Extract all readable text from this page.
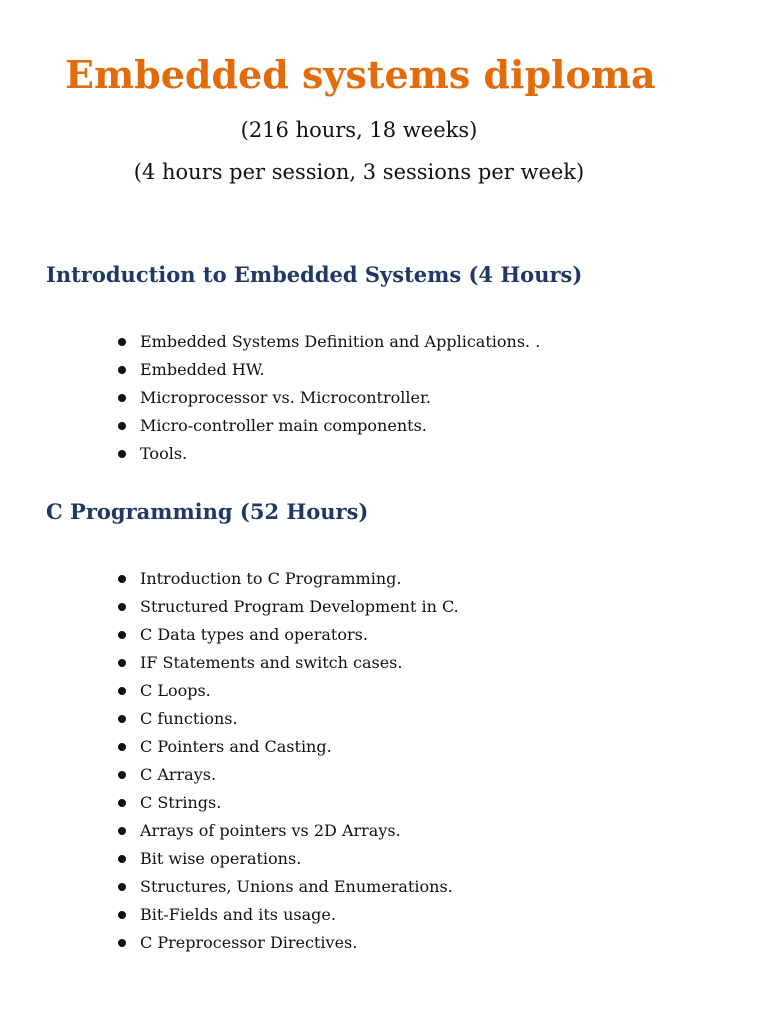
Embedded systems diploma

(216 hours, 18 weeks)

(4 hours per session, 3 sessions per week)

Introduction to Embedded Systems (4 Hours)
Embedded Systems Definition and Applications. .
Embedded HW.
Microprocessor vs. Microcontroller.
Micro-controller main components.
Tools.
C Programming (52 Hours)
Introduction to C Programming.
Structured Program Development in C.
C Data types and operators.
IF Statements and switch cases.
C Loops.
C functions.
C Pointers and Casting.
C Arrays.
C Strings.
Arrays of pointers vs 2D Arrays.
Bit wise operations.
Structures, Unions and Enumerations.
Bit-Fields and its usage.
C Preprocessor Directives.
